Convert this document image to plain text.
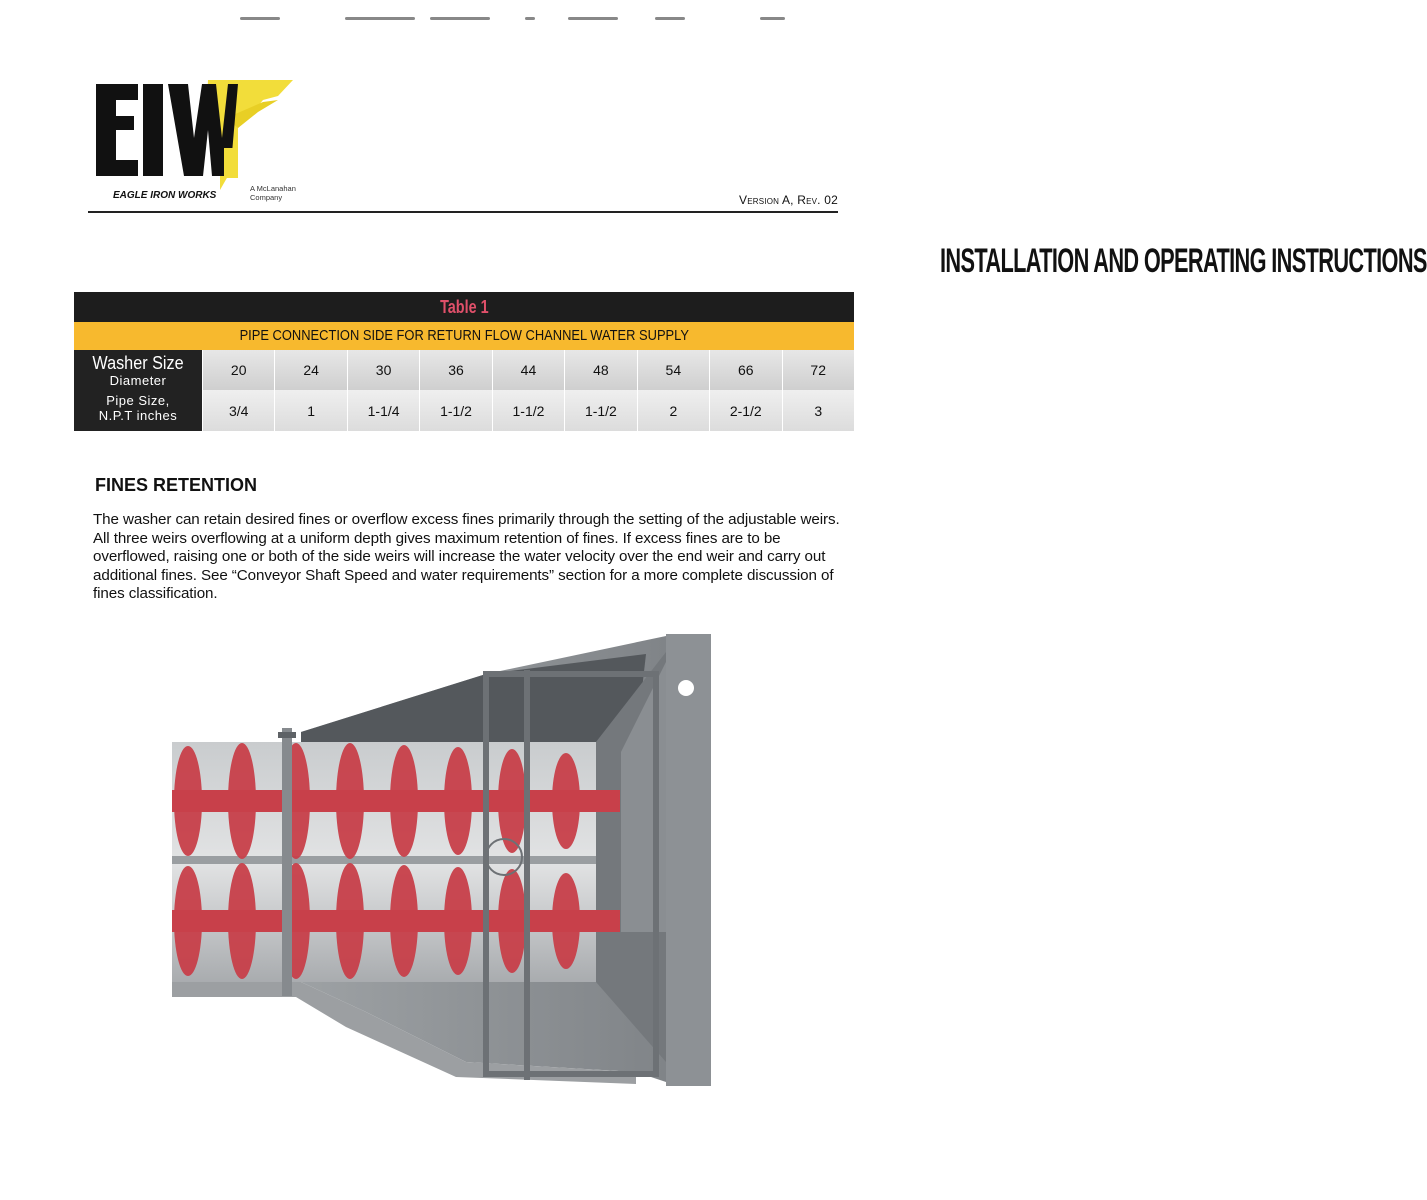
EAGLE IRON WORKS
A McLanahan Company
INSTALLATION AND OPERATING INSTRUCTIONS
Version A, Rev. 02
Table 1
PIPE CONNECTION SIDE FOR RETURN FLOW CHANNEL WATER SUPPLY
Washer Size
Diameter
20	24	30	36	44	48	54	66	72
Pipe Size,
N.P.T inches	3/4	1	1-1/4	1-1/2	1-1/2	1-1/2	2	2-1/2	3
FINES RETENTION
The washer can retain desired fines or overflow excess fines primarily through the setting of the adjustable weirs. All three weirs overflowing at a uniform depth gives maximum retention of fines. If excess fines are to be overflowed, raising one or both of the side weirs will increase the water velocity over the end weir and carry out additional fines. See “Conveyor Shaft Speed and water requirements” section for a more complete discussion of fines classification.
